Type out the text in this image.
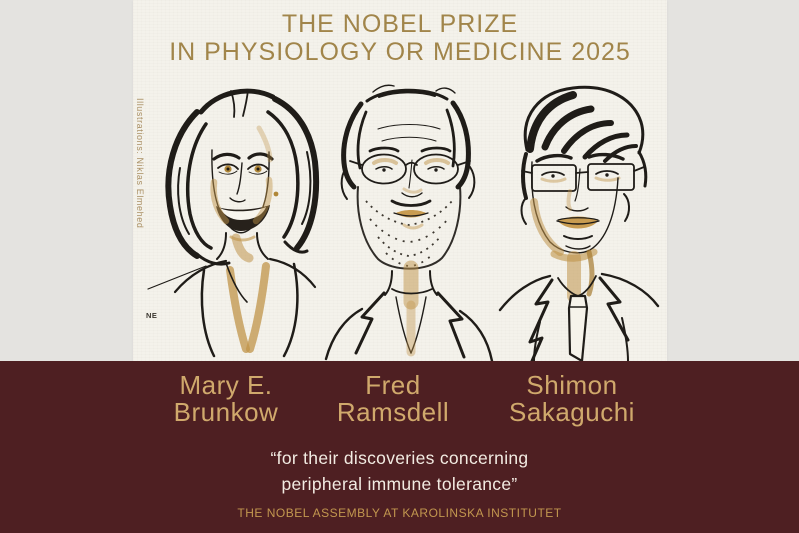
THE NOBEL PRIZE
IN PHYSIOLOGY OR MEDICINE 2025
Illustrations: Niklas Elmehed
NE
Mary E.
Brunkow
Fred
Ramsdell
Shimon
Sakaguchi
“for their discoveries concerning
peripheral immune tolerance”
THE NOBEL ASSEMBLY AT KAROLINSKA INSTITUTET
